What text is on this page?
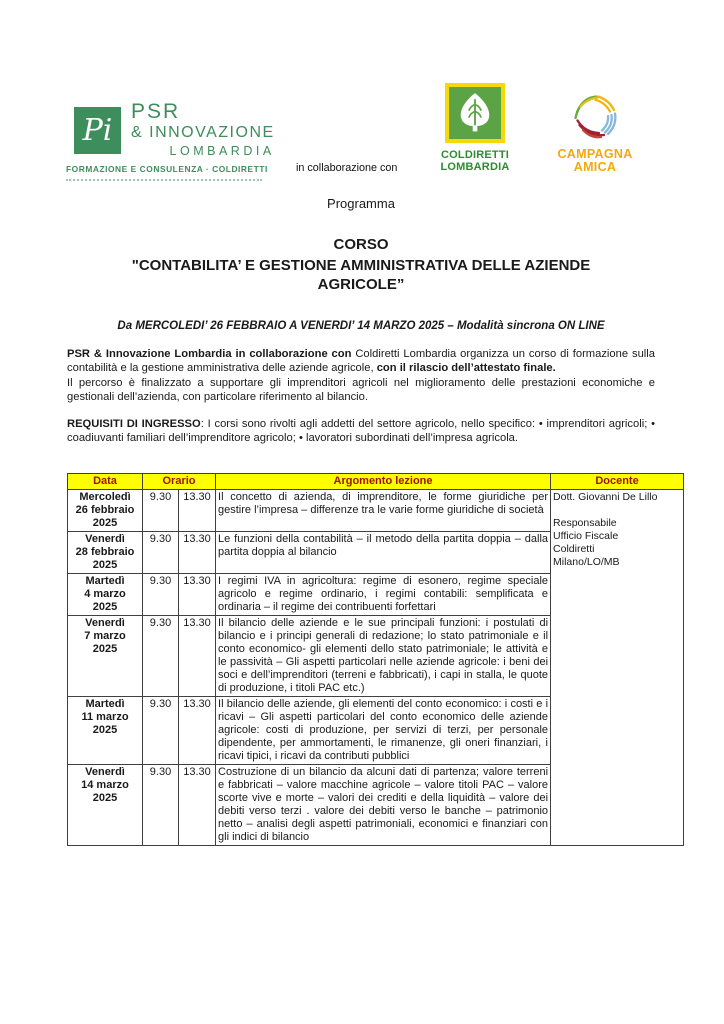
Pi
PSR
& INNOVAZIONE
LOMBARDIA
FORMAZIONE E CONSULENZA · COLDIRETTI	in collaborazione con
COLDIRETTI
LOMBARDIA
CAMPAGNA
AMICA
Programma
CORSO
"CONTABILITA’ E GESTIONE AMMINISTRATIVA DELLE AZIENDE
AGRICOLE”
Da MERCOLEDI’ 26 FEBBRAIO A VENERDI’ 14 MARZO 2025 – Modalità sincrona ON LINE

PSR & Innovazione Lombardia in collaborazione con Coldiretti Lombardia organizza un corso di formazione sulla contabilità e la gestione amministrativa delle aziende agricole, con il rilascio dell’attestato finale.

Il percorso è finalizzato a supportare gli imprenditori agricoli nel miglioramento delle prestazioni economiche e gestionali dell’azienda, con particolare riferimento al bilancio.

REQUISITI DI INGRESSO: I corsi sono rivolti agli addetti del settore agricolo, nello specifico: • imprenditori agricoli; • coadiuvanti familiari dell’imprenditore agricolo; • lavoratori subordinati dell’impresa agricola.

Data	Orario		Argomento lezione	Docente

Mercoledì
26 febbraio
2025
	9.30	13.30	Il concetto di azienda, di imprenditore, le forme giuridiche per gestire l’impresa – differenze tra le varie forme giuridiche di società	
Dott. Giovanni De Lillo
Responsabile
Ufficio Fiscale
Coldiretti
Milano/LO/MB

Venerdì
28 febbraio
2025	9.30	13.30	Le funzioni della contabilità – il metodo della partita doppia – dalla partita doppia al bilancio	

Martedì
4 marzo
2025	9.30	13.30	I regimi IVA in agricoltura: regime di esonero, regime speciale agricolo e regime ordinario, i regimi contabili: semplificata e ordinaria – il regime dei contribuenti forfettari	

Venerdì
7 marzo
2025
	9.30	13.30	Il bilancio delle aziende e le sue principali funzioni: i postulati di bilancio e i principi generali di redazione; lo stato patrimoniale e il conto economico- gli elementi dello stato patrimoniale; le attività e le passività – Gli aspetti particolari nelle aziende agricole: i beni dei soci e dell’imprenditori (terreni e fabbricati), i capi in stalla, le quote di produzione, i titoli PAC etc.)

Martedì
11 marzo
2025
	9.30	13.30	Il bilancio delle aziende, gli elementi del conto economico: i costi e i ricavi – Gli aspetti particolari del conto economico delle aziende agricole: costi di produzione, per servizi di terzi, per personale dipendente, per ammortamenti, le rimanenze, gli oneri finanziari, i ricavi tipici, i ricavi da contributi pubblici

Venerdì
14 marzo
2025
	9.30	13.30	Costruzione di un bilancio da alcuni dati di partenza; valore terreni e fabbricati – valore macchine agricole – valore titoli PAC – valore scorte vive e morte – valori dei crediti e della liquidità – valore dei debiti verso terzi . valore dei debiti verso le banche – patrimonio netto – analisi degli aspetti patrimoniali, economici e finanziari con gli indici di bilancio
